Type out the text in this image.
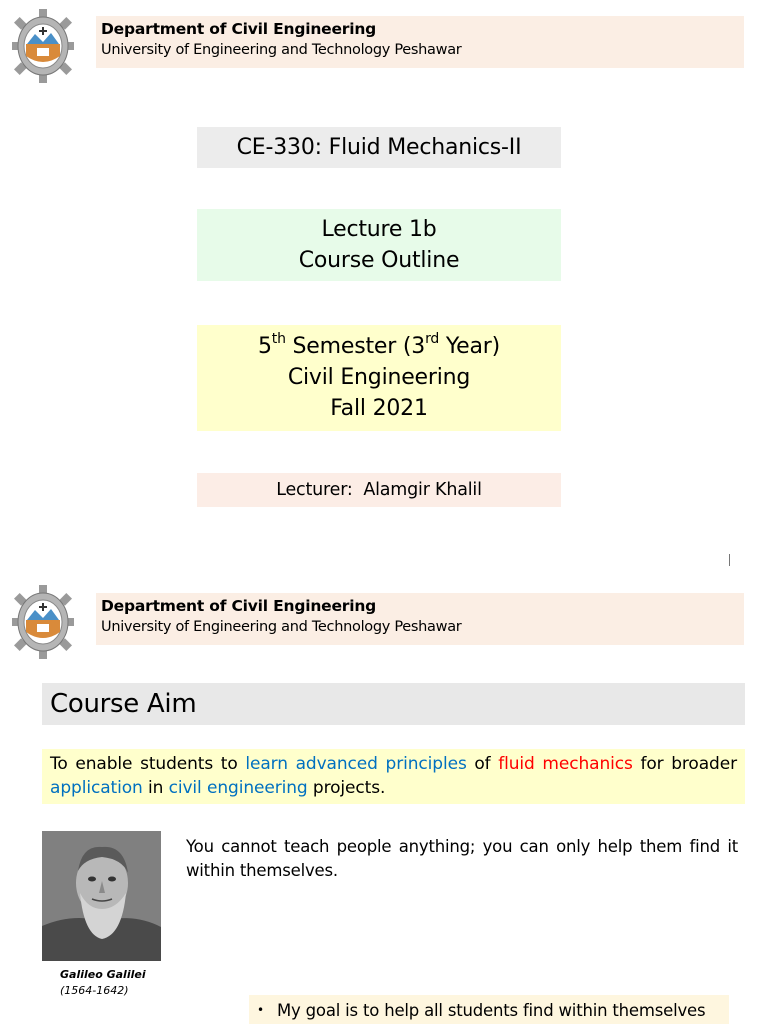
Department of Civil Engineering
University of Engineering and Technology Peshawar
CE-330: Fluid Mechanics-II
Lecture 1b
Course Outline
5th Semester (3rd Year)
Civil Engineering
Fall 2021
Lecturer:  Alamgir Khalil
Department of Civil Engineering
University of Engineering and Technology Peshawar
Course Aim
To enable students to learn advanced principles of fluid mechanics for broader application in civil engineering projects.
Galileo Galilei
(1564-1642)
You cannot teach people anything; you can only help them find it within themselves.
• My goal is to help all students find within themselves
